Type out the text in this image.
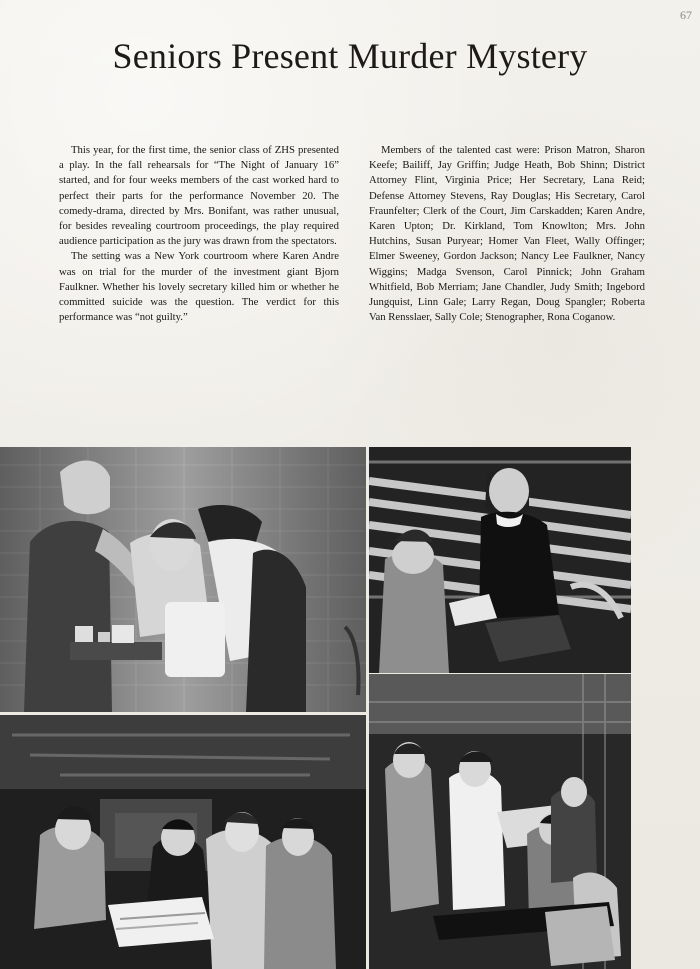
67
Seniors Present Murder Mystery

This year, for the first time, the senior class of ZHS presented a play. In the fall rehearsals for “The Night of January 16” started, and for four weeks members of the cast worked hard to perfect their parts for the performance November 20. The comedy-drama, directed by Mrs. Bonifant, was rather unusual, for besides revealing courtroom proceedings, the play required audience participation as the jury was drawn from the spectators.

The setting was a New York courtroom where Karen Andre was on trial for the murder of the investment giant Bjorn Faulkner. Whether his lovely secretary killed him or whether he committed suicide was the question. The verdict for this performance was “not guilty.”

Members of the talented cast were: Prison Matron, Sharon Keefe; Bailiff, Jay Griffin; Judge Heath, Bob Shinn; District Attorney Flint, Virginia Price; Her Secretary, Lana Reid; Defense Attorney Stevens, Ray Douglas; His Secretary, Carol Fraunfelter; Clerk of the Court, Jim Carskadden; Karen Andre, Karen Upton; Dr. Kirkland, Tom Knowlton; Mrs. John Hutchins, Susan Puryear; Homer Van Fleet, Wally Offinger; Elmer Sweeney, Gordon Jackson; Nancy Lee Faulkner, Nancy Wiggins; Madga Svenson, Carol Pinnick; John Graham Whitfield, Bob Merriam; Jane Chandler, Judy Smith; Ingebord Jungquist, Linn Gale; Larry Regan, Doug Spangler; Roberta Van Rensslaer, Sally Cole; Stenographer, Rona Coganow.
